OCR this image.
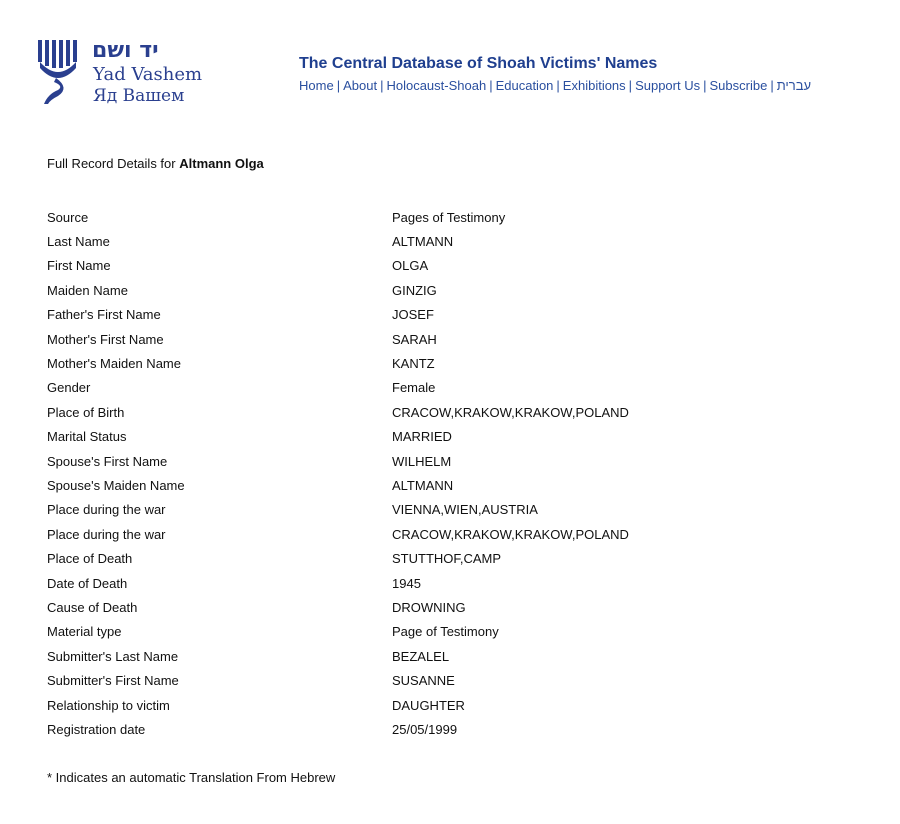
יד ושם
Yad Vashem
Яд Вашем
The Central Database of Shoah Victims' Names
Home | About | Holocaust-Shoah | Education | Exhibitions | Support Us | Subscribe | עברית
Full Record Details for Altmann Olga
Source	Pages of Testimony
Last Name	ALTMANN
First Name	OLGA
Maiden Name	GINZIG
Father's First Name	JOSEF
Mother's First Name	SARAH
Mother's Maiden Name	KANTZ
Gender	Female
Place of Birth	CRACOW,KRAKOW,KRAKOW,POLAND
Marital Status	MARRIED
Spouse's First Name	WILHELM
Spouse's Maiden Name	ALTMANN
Place during the war	VIENNA,WIEN,AUSTRIA
Place during the war	CRACOW,KRAKOW,KRAKOW,POLAND
Place of Death	STUTTHOF,CAMP
Date of Death	1945
Cause of Death	DROWNING
Material type	Page of Testimony
Submitter's Last Name	BEZALEL
Submitter's First Name	SUSANNE
Relationship to victim	DAUGHTER
Registration date	25/05/1999
* Indicates an automatic Translation From Hebrew
